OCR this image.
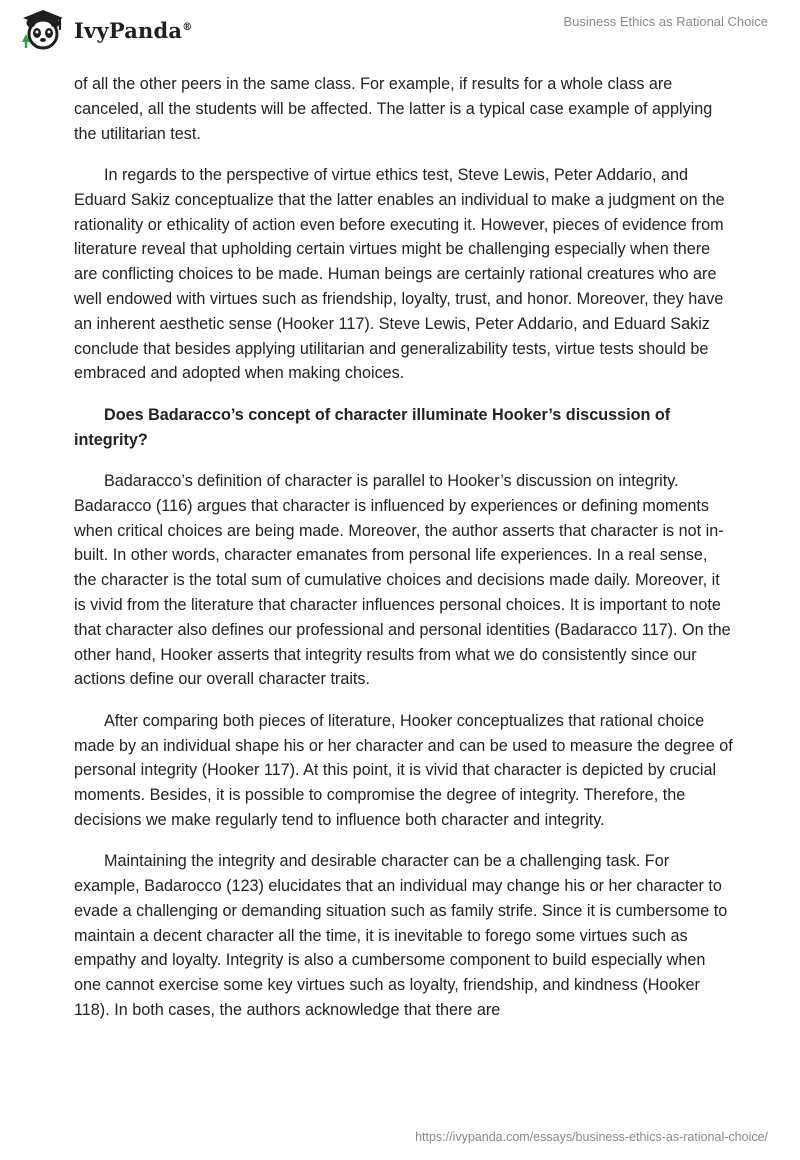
IvyPanda®	Business Ethics as Rational Choice

of all the other peers in the same class. For example, if results for a whole class are canceled, all the students will be affected. The latter is a typical case example of applying the utilitarian test.

In regards to the perspective of virtue ethics test, Steve Lewis, Peter Addario, and Eduard Sakiz conceptualize that the latter enables an individual to make a judgment on the rationality or ethicality of action even before executing it. However, pieces of evidence from literature reveal that upholding certain virtues might be challenging especially when there are conflicting choices to be made. Human beings are certainly rational creatures who are well endowed with virtues such as friendship, loyalty, trust, and honor. Moreover, they have an inherent aesthetic sense (Hooker 117). Steve Lewis, Peter Addario, and Eduard Sakiz conclude that besides applying utilitarian and generalizability tests, virtue tests should be embraced and adopted when making choices.

Does Badaracco’s concept of character illuminate Hooker’s discussion of integrity?

Badaracco’s definition of character is parallel to Hooker’s discussion on integrity. Badaracco (116) argues that character is influenced by experiences or defining moments when critical choices are being made. Moreover, the author asserts that character is not in-built. In other words, character emanates from personal life experiences. In a real sense, the character is the total sum of cumulative choices and decisions made daily. Moreover, it is vivid from the literature that character influences personal choices. It is important to note that character also defines our professional and personal identities (Badaracco 117). On the other hand, Hooker asserts that integrity results from what we do consistently since our actions define our overall character traits.

After comparing both pieces of literature, Hooker conceptualizes that rational choice made by an individual shape his or her character and can be used to measure the degree of personal integrity (Hooker 117). At this point, it is vivid that character is depicted by crucial moments. Besides, it is possible to compromise the degree of integrity. Therefore, the decisions we make regularly tend to influence both character and integrity.

Maintaining the integrity and desirable character can be a challenging task. For example, Badarocco (123) elucidates that an individual may change his or her character to evade a challenging or demanding situation such as family strife. Since it is cumbersome to maintain a decent character all the time, it is inevitable to forego some virtues such as empathy and loyalty. Integrity is also a cumbersome component to build especially when one cannot exercise some key virtues such as loyalty, friendship, and kindness (Hooker 118). In both cases, the authors acknowledge that there are

https://ivypanda.com/essays/business-ethics-as-rational-choice/
